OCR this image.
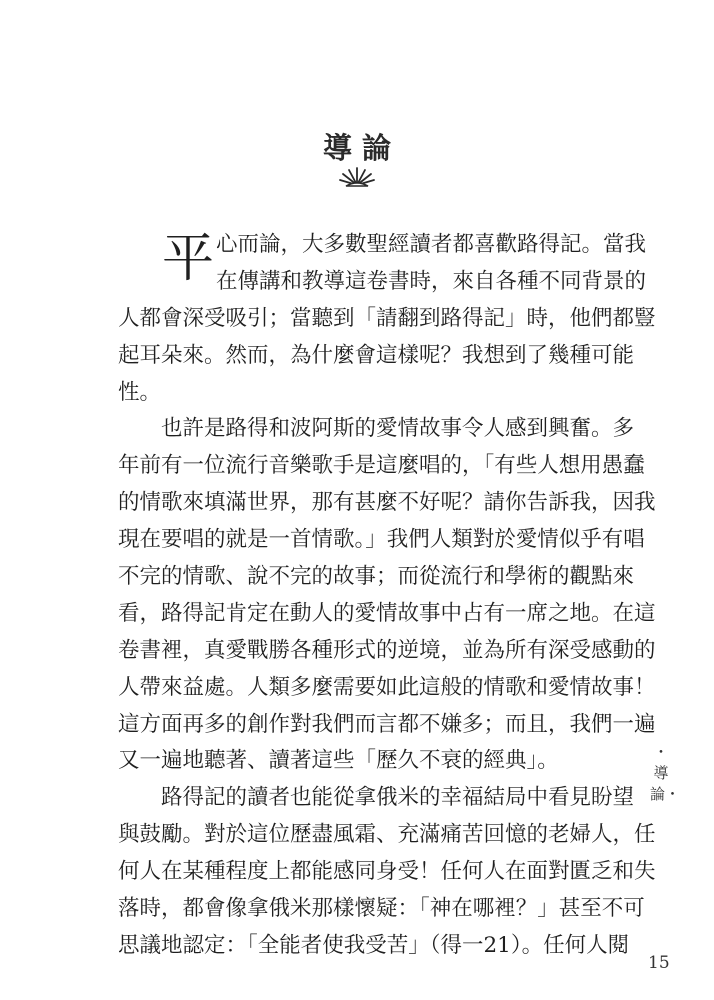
導論
平 心而論，大多數聖經讀者都喜歡路得記。當我
在傳講和教導這卷書時，來自各種不同背景的
人都會深受吸引；當聽到「請翻到路得記」時，他們都豎
起耳朵來。然而，為什麼會這樣呢？我想到了幾種可能
性。
也許是路得和波阿斯的愛情故事令人感到興奮。多
年前有一位流行音樂歌手是這麼唱的，「有些人想用愚蠢
的情歌來填滿世界，那有甚麼不好呢？請你告訴我，因我
現在要唱的就是一首情歌。」我們人類對於愛情似乎有唱
不完的情歌、說不完的故事；而從流行和學術的觀點來
看，路得記肯定在動人的愛情故事中占有一席之地。在這
卷書裡，真愛戰勝各種形式的逆境，並為所有深受感動的
人帶來益處。人類多麼需要如此這般的情歌和愛情故事！
這方面再多的創作對我們而言都不嫌多；而且，我們一遍
又一遍地聽著、讀著這些「歷久不衰的經典」。
路得記的讀者也能從拿俄米的幸福結局中看見盼望
與鼓勵。對於這位歷盡風霜、充滿痛苦回憶的老婦人，任
何人在某種程度上都能感同身受！任何人在面對匱乏和失
落時，都會像拿俄米那樣懷疑：「神在哪裡？」甚至不可
思議地認定：「全能者使我受苦」（得一21）。任何人閱
・導論・
15
